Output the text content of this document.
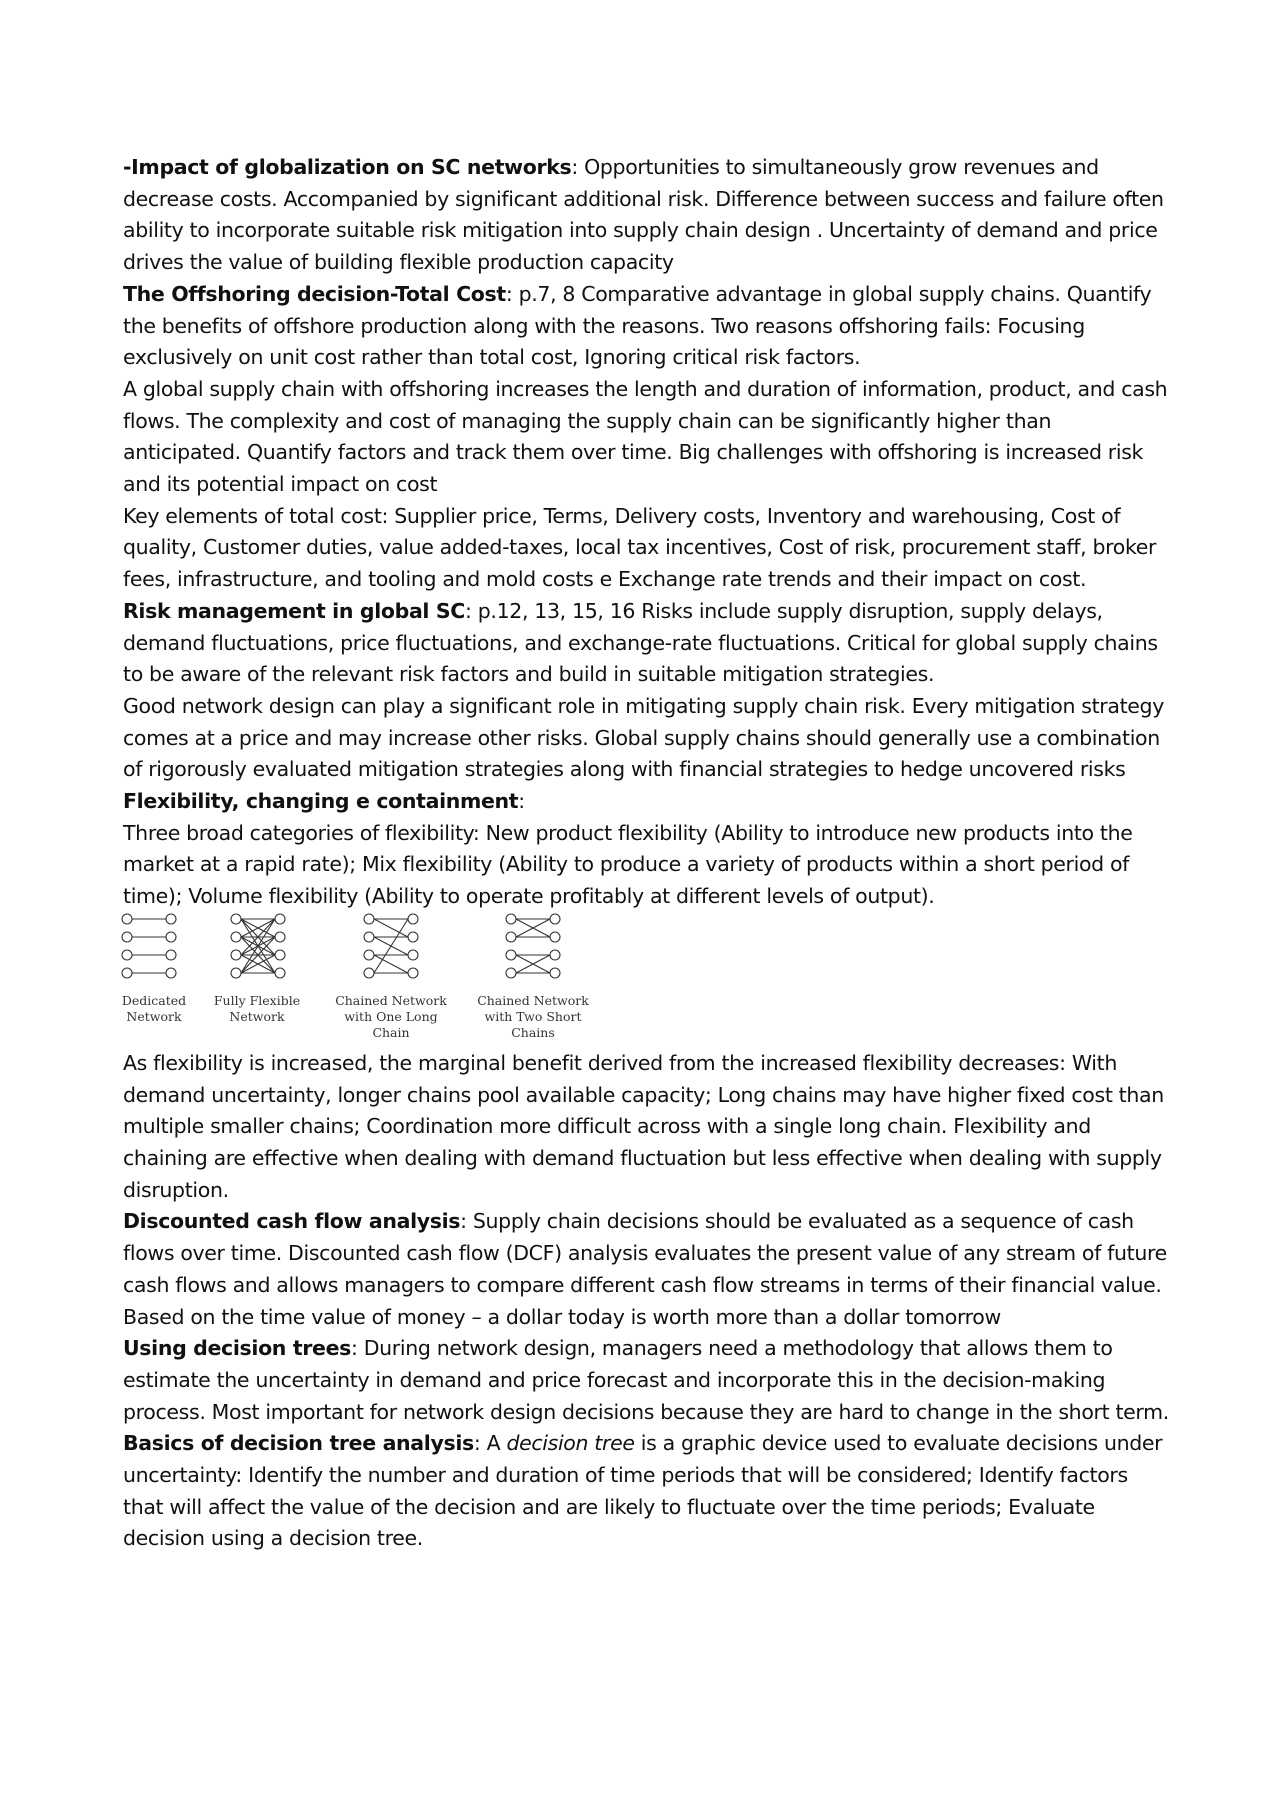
-Impact of globalization on SC networks: Opportunities to simultaneously grow revenues and decrease costs. Accompanied by significant additional risk. Difference between success and failure often ability to incorporate suitable risk mitigation into supply chain design . Uncertainty of demand and price drives the value of building flexible production capacity

The Offshoring decision-Total Cost: p.7, 8 Comparative advantage in global supply chains. Quantify the benefits of offshore production along with the reasons. Two reasons offshoring fails: Focusing exclusively on unit cost rather than total cost, Ignoring critical risk factors.

A global supply chain with offshoring increases the length and duration of information, product, and cash flows. The complexity and cost of managing the supply chain can be significantly higher than anticipated. Quantify factors and track them over time. Big challenges with offshoring is increased risk and its potential impact on cost

Key elements of total cost: Supplier price, Terms, Delivery costs, Inventory and warehousing, Cost of quality, Customer duties, value added-taxes, local tax incentives, Cost of risk, procurement staff, broker fees, infrastructure, and tooling and mold costs e Exchange rate trends and their impact on cost.

Risk management in global SC: p.12, 13, 15, 16 Risks include supply disruption, supply delays, demand fluctuations, price fluctuations, and exchange-rate fluctuations. Critical for global supply chains to be aware of the relevant risk factors and build in suitable mitigation strategies.

Good network design can play a significant role in mitigating supply chain risk. Every mitigation strategy comes at a price and may increase other risks. Global supply chains should generally use a combination of rigorously evaluated mitigation strategies along with financial strategies to hedge uncovered risks

Flexibility, changing e containment:

Three broad categories of flexibility: New product flexibility (Ability to introduce new products into the market at a rapid rate); Mix flexibility (Ability to produce a variety of products within a short period of time); Volume flexibility (Ability to operate profitably at different levels of output).

Dedicated
Network
Fully Flexible
Network
Chained Network
with One Long
Chain
Chained Network
with Two Short
Chains

As flexibility is increased, the marginal benefit derived from the increased flexibility decreases: With demand uncertainty, longer chains pool available capacity; Long chains may have higher fixed cost than multiple smaller chains; Coordination more difficult across with a single long chain. Flexibility and chaining are effective when dealing with demand fluctuation but less effective when dealing with supply disruption.

Discounted cash flow analysis: Supply chain decisions should be evaluated as a sequence of cash flows over time. Discounted cash flow (DCF) analysis evaluates the present value of any stream of future cash flows and allows managers to compare different cash flow streams in terms of their financial value. Based on the time value of money – a dollar today is worth more than a dollar tomorrow

Using decision trees: During network design, managers need a methodology that allows them to estimate the uncertainty in demand and price forecast and incorporate this in the decision-making process. Most important for network design decisions because they are hard to change in the short term.

Basics of decision tree analysis: A decision tree is a graphic device used to evaluate decisions under uncertainty: Identify the number and duration of time periods that will be considered; Identify factors that will affect the value of the decision and are likely to fluctuate over the time periods; Evaluate decision using a decision tree.
